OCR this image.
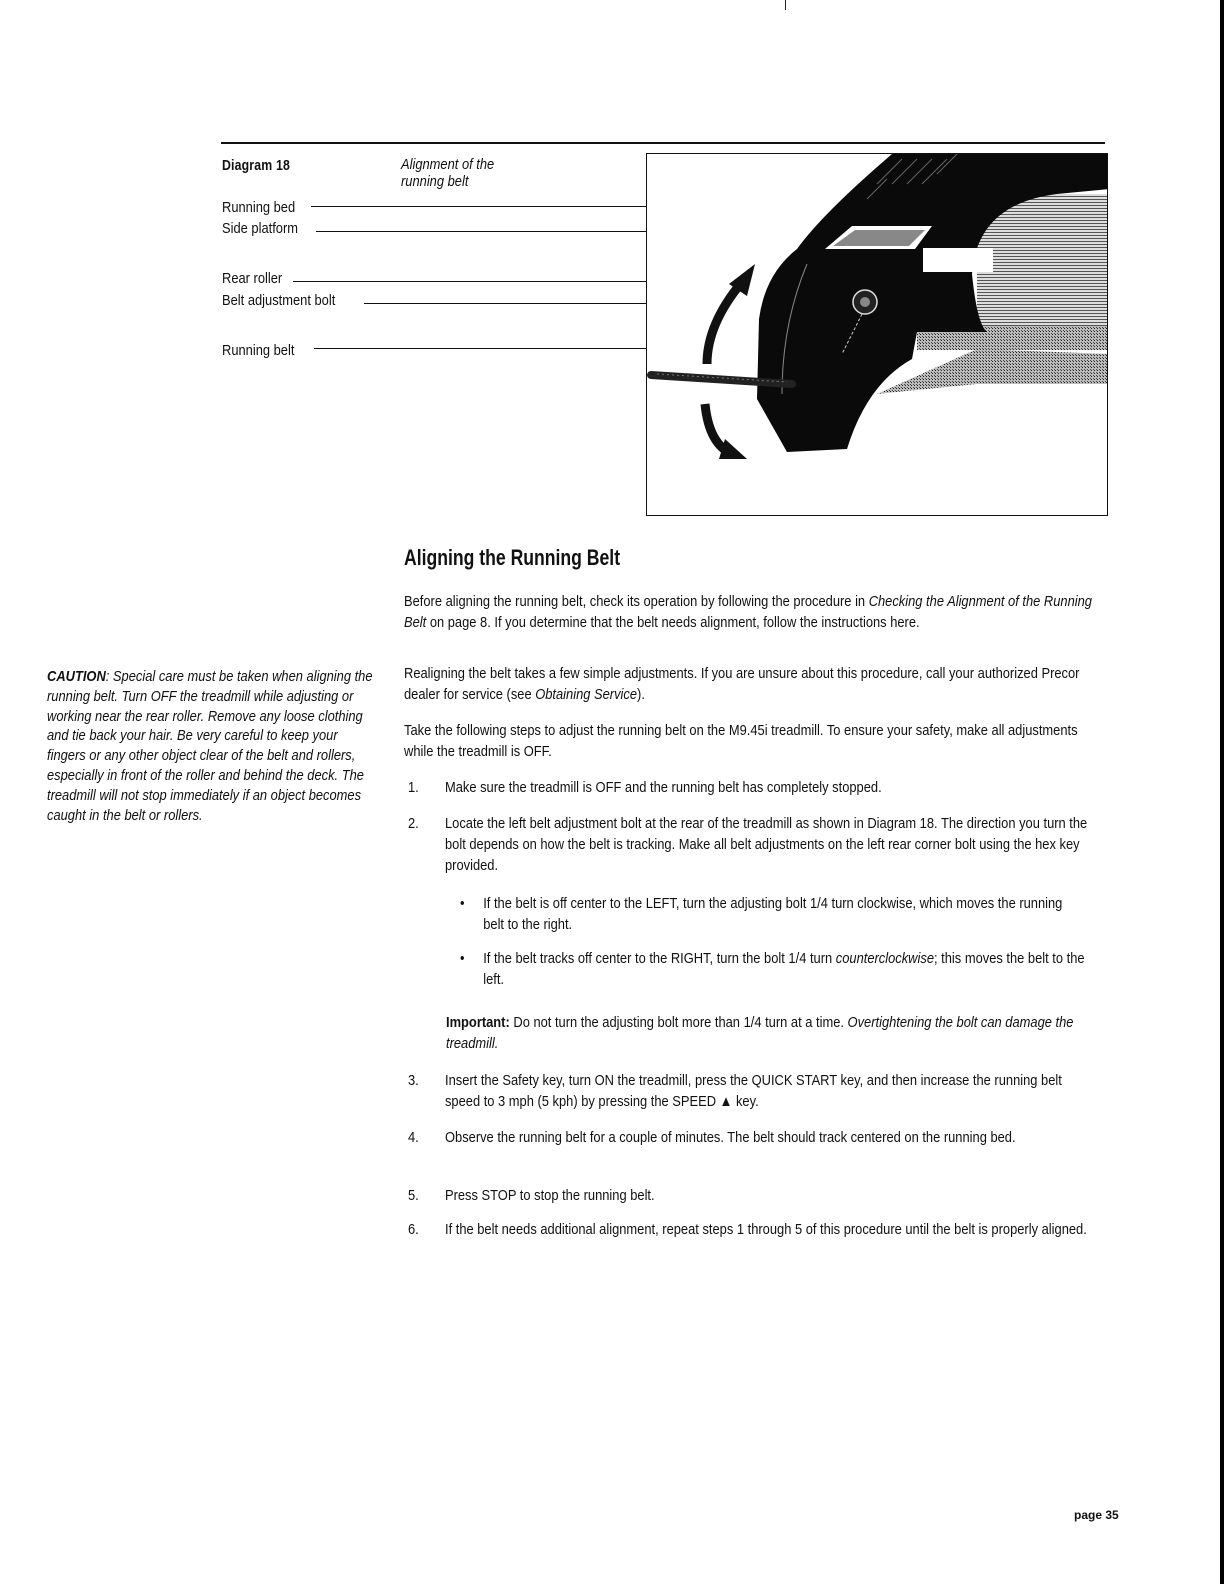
Diagram 18	Alignment of the
running belt
Running bed
Side platform
Rear roller
Belt adjustment bolt
Running belt
Aligning the Running Belt
Before aligning the running belt, check its operation by following the procedure in Checking the Alignment of the Running Belt on page 8. If you determine that the belt needs alignment, follow the instructions here.
CAUTION: Special care must be taken when aligning the running belt. Turn OFF the treadmill while adjusting or working near the rear roller. Remove any loose clothing and tie back your hair. Be very careful to keep your fingers or any other object clear of the belt and rollers, especially in front of the roller and behind the deck. The treadmill will not stop immediately if an object becomes caught in the belt or rollers.
Realigning the belt takes a few simple adjustments. If you are unsure about this procedure, call your authorized Precor dealer for service (see Obtaining Service).
Take the following steps to adjust the running belt on the M9.45i treadmill. To ensure your safety, make all adjustments while the treadmill is OFF.
1. Make sure the treadmill is OFF and the running belt has completely stopped.
2. Locate the left belt adjustment bolt at the rear of the treadmill as shown in Diagram 18. The direction you turn the bolt depends on how the belt is tracking. Make all belt adjustments on the left rear corner bolt using the hex key provided.
• If the belt is off center to the LEFT, turn the adjusting bolt 1/4 turn clockwise, which moves the running belt to the right.
• If the belt tracks off center to the RIGHT, turn the bolt 1/4 turn counterclockwise; this moves the belt to the left.
Important: Do not turn the adjusting bolt more than 1/4 turn at a time. Overtightening the bolt can damage the treadmill.
3. Insert the Safety key, turn ON the treadmill, press the QUICK START key, and then increase the running belt speed to 3 mph (5 kph) by pressing the SPEED ▲ key.
4. Observe the running belt for a couple of minutes. The belt should track centered on the running bed.
5. Press STOP to stop the running belt.
6. If the belt needs additional alignment, repeat steps 1 through 5 of this procedure until the belt is properly aligned.
page 35
